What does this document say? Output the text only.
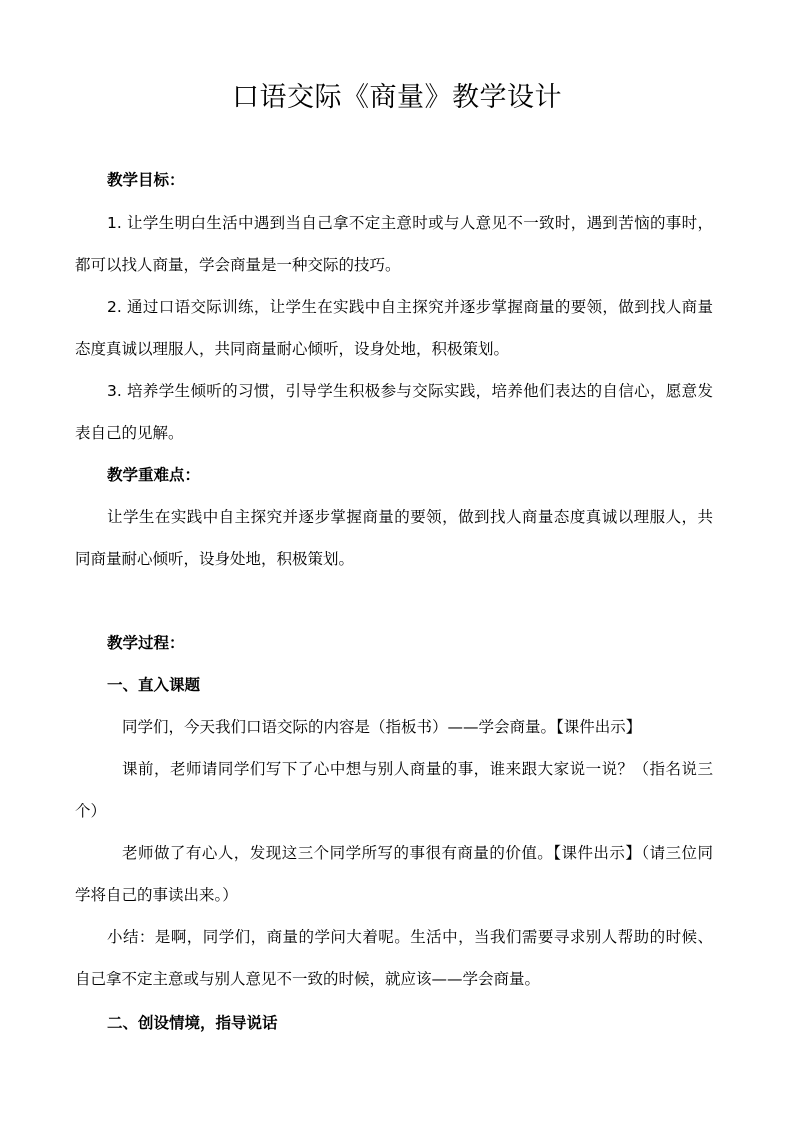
口语交际《商量》教学设计

教学目标：

1. 让学生明白生活中遇到当自己拿不定主意时或与人意见不一致时，遇到苦恼的事时，

都可以找人商量，学会商量是一种交际的技巧。

2. 通过口语交际训练，让学生在实践中自主探究并逐步掌握商量的要领，做到找人商量

态度真诚以理服人，共同商量耐心倾听，设身处地，积极策划。

3. 培养学生倾听的习惯，引导学生积极参与交际实践，培养他们表达的自信心，愿意发

表自己的见解。

教学重难点：

让学生在实践中自主探究并逐步掌握商量的要领，做到找人商量态度真诚以理服人，共

同商量耐心倾听，设身处地，积极策划。

教学过程：

一、直入课题

同学们，今天我们口语交际的内容是（指板书）——学会商量。【课件出示】

课前，老师请同学们写下了心中想与别人商量的事，谁来跟大家说一说？（指名说三

个）

老师做了有心人，发现这三个同学所写的事很有商量的价值。【课件出示】（请三位同

学将自己的事读出来。）

小结：是啊，同学们，商量的学问大着呢。生活中，当我们需要寻求别人帮助的时候、

自己拿不定主意或与别人意见不一致的时候，就应该——学会商量。

二、创设情境，指导说话
